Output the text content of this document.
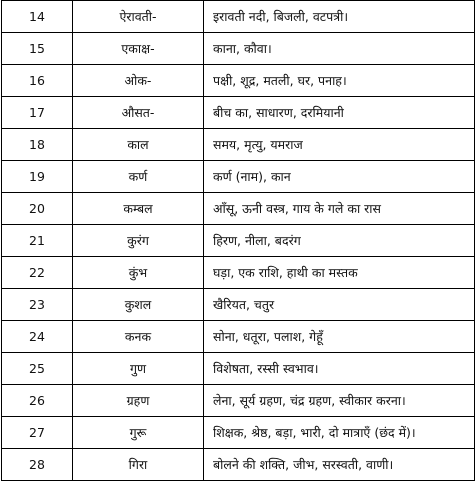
14	ऐरावती-	इरावती नदी, बिजली, वटपत्री।
15	एकाक्ष-	काना, कौवा।
16	ओक-	पक्षी, शूद्र, मतली, घर, पनाह।
17	औसत-	बीच का, साधारण, दरमियानी
18	काल	समय, मृत्यु, यमराज
19	कर्ण	कर्ण (नाम), कान
20	कम्बल	आँसू, ऊनी वस्त्र, गाय के गले का रास
21	कुरंग	हिरण, नीला, बदरंग
22	कुंभ	घड़ा, एक राशि, हाथी का मस्तक
23	कुशल	खैरियत, चतुर
24	कनक	सोना, धतूरा, पलाश, गेहूँ
25	गुण	विशेषता, रस्सी स्वभाव।
26	ग्रहण	लेना, सूर्य ग्रहण, चंद्र ग्रहण, स्वीकार करना।
27	गुरू	शिक्षक, श्रेष्ठ, बड़ा, भारी, दो मात्राएँ (छंद में)।
28	गिरा	बोलने की शक्ति, जीभ, सरस्वती, वाणी।
